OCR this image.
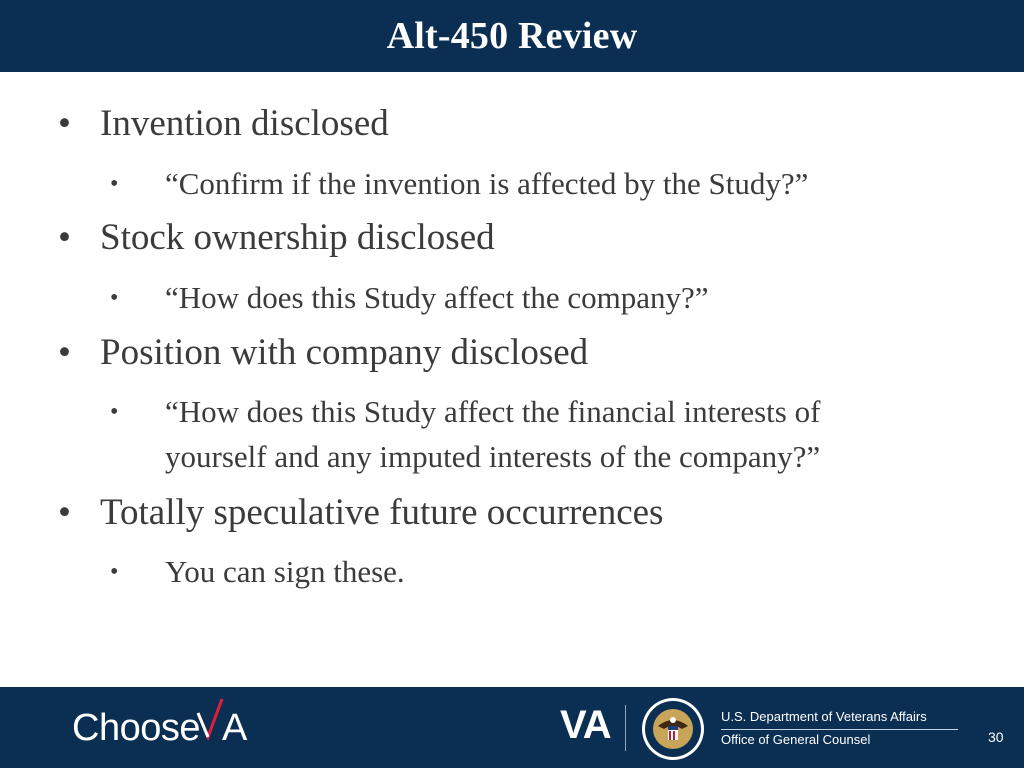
Alt-450 Review
• Invention disclosed
• “Confirm if the invention is affected by the Study?”
• Stock ownership disclosed
• “How does this Study affect the company?”
• Position with company disclosed
• “How does this Study affect the financial interests of
yourself and any imputed interests of the company?”
• Totally speculative future occurrences
• You can sign these.
Choose A	VA	U.S. Department of Veterans Affairs
Office of General Counsel	30
